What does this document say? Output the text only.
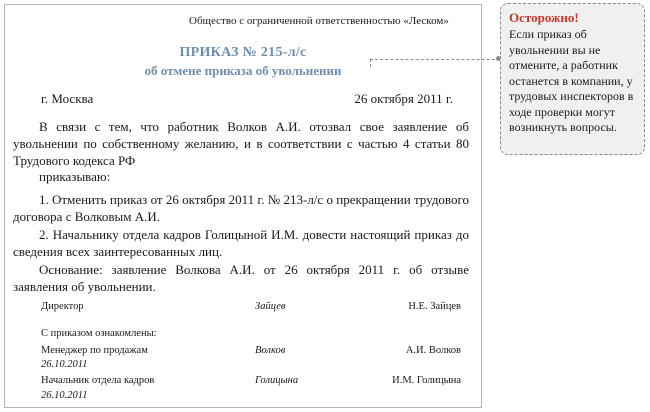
Общество с ограниченной ответственностью «Леском»
ПРИКАЗ № 215-л/с
об отмене приказа об увольнении
г. Москва	26 октября 2011 г.
В связи с тем, что работник Волков А.И. отозвал свое заявление об увольнении по собственному желанию, и в соответствии с частью 4 статьи 80 Трудового кодекса РФ
приказываю:
1. Отменить приказ от 26 октября 2011 г. № 213-л/с о прекращении трудового договора с Волковым А.И.
2. Начальнику отдела кадров Голицыной И.М. довести настоящий приказ до сведения всех заинтересованных лиц.
Основание: заявление Волкова А.И. от 26 октября 2011 г. об отзыве заявления об увольнении.
Директор	Зайцев	Н.Е. Зайцев
С приказом ознакомлены:
Менеджер по продажам	Волков	А.И. Волков
26.10.2011
Начальник отдела кадров	Голицына	И.М. Голицына
26.10.2011
Осторожно!
Если приказ об увольнении вы не отмените, а работник останется в компании, у трудовых инспекторов в ходе проверки могут возникнуть вопросы.
